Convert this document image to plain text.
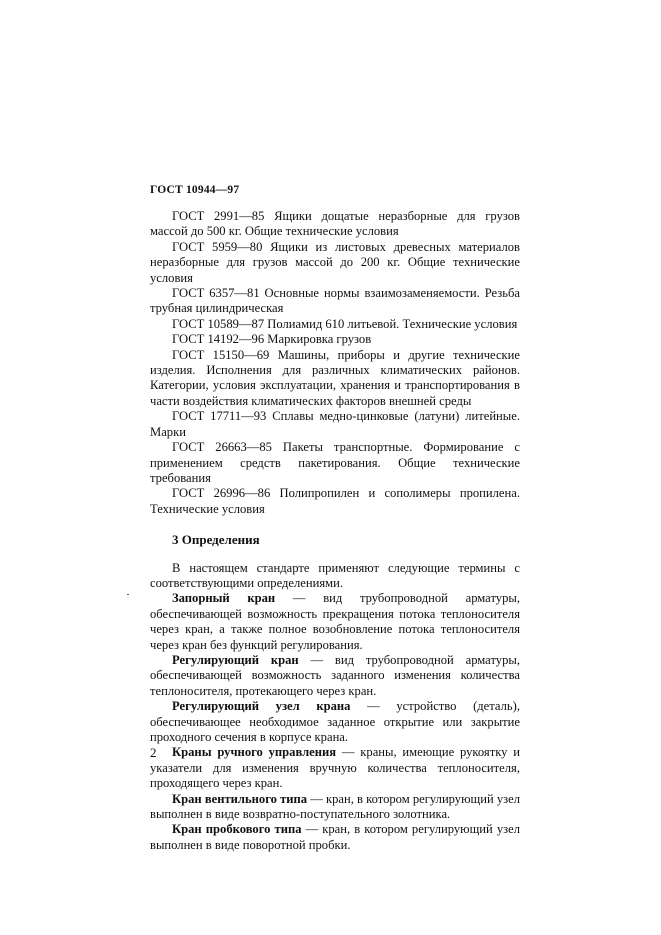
ГОСТ 10944—97

ГОСТ 2991—85 Ящики дощатые неразборные для грузов массой до 500 кг. Общие технические условия

ГОСТ 5959—80 Ящики из листовых древесных материалов неразборные для грузов массой до 200 кг. Общие технические условия

ГОСТ 6357—81 Основные нормы взаимозаменяемости. Резьба трубная цилиндрическая

ГОСТ 10589—87 Полиамид 610 литьевой. Технические условия

ГОСТ 14192—96 Маркировка грузов

ГОСТ 15150—69 Машины, приборы и другие технические изделия. Исполнения для различных климатических районов. Категории, условия эксплуатации, хранения и транспортирования в части воздействия климатических факторов внешней среды

ГОСТ 17711—93 Сплавы медно-цинковые (латуни) литейные. Марки

ГОСТ 26663—85 Пакеты транспортные. Формирование с применением средств пакетирования. Общие технические требования

ГОСТ 26996—86 Полипропилен и сополимеры пропилена. Технические условия

3 Определения

В настоящем стандарте применяют следующие термины с соответствующими определениями.

Запорный кран — вид трубопроводной арматуры, обеспечивающей возможность прекращения потока теплоносителя через кран, а также полное возобновление потока теплоносителя через кран без функций регулирования.

Регулирующий кран — вид трубопроводной арматуры, обеспечивающей возможность заданного изменения количества теплоносителя, протекающего через кран.

Регулирующий узел крана — устройство (деталь), обеспечивающее необходимое заданное открытие или закрытие проходного сечения в корпусе крана.

Краны ручного управления — краны, имеющие рукоятку и указатели для изменения вручную количества теплоносителя, проходящего через кран.

Кран вентильного типа — кран, в котором регулирующий узел выполнен в виде возвратно-поступательного золотника.

Кран пробкового типа — кран, в котором регулирующий узел выполнен в виде поворотной пробки.

2
